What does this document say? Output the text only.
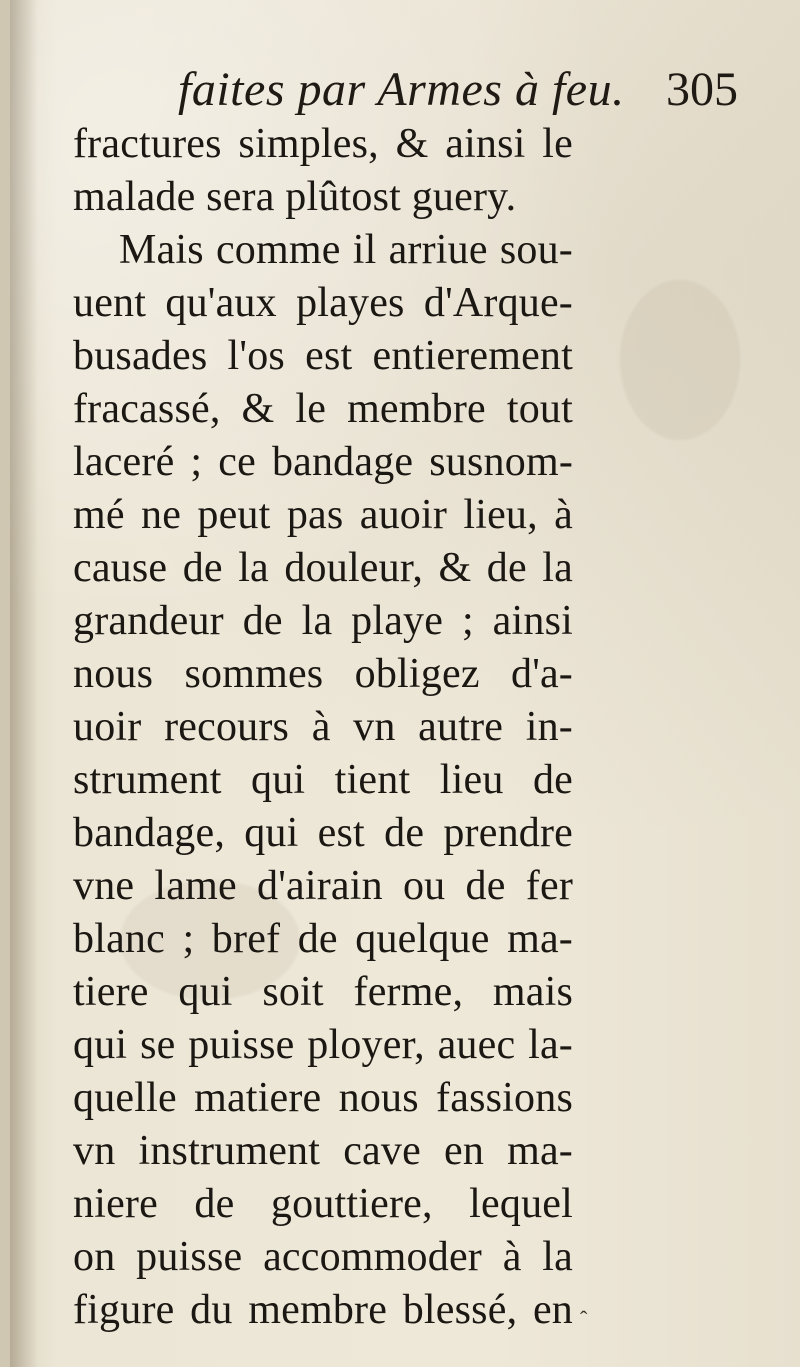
faites par Armes à feu. 305
fractures simples, & ainsi le
malade sera plûtost guery.
Mais comme il arriue sou-
uent qu'aux playes d'Arque-
busades l'os est entierement
fracassé, & le membre tout
laceré ; ce bandage susnom-
mé ne peut pas auoir lieu, à
cause de la douleur, & de la
grandeur de la playe ; ainsi
nous sommes obligez d'a-
uoir recours à vn autre in-
strument qui tient lieu de
bandage, qui est de prendre
vne lame d'airain ou de fer
blanc ; bref de quelque ma-
tiere qui soit ferme, mais
qui se puisse ployer, auec la-
quelle matiere nous fassions
vn instrument cave en ma-
niere de gouttiere, lequel
on puisse accommoder à la
figure du membre blessé, en ˆ
